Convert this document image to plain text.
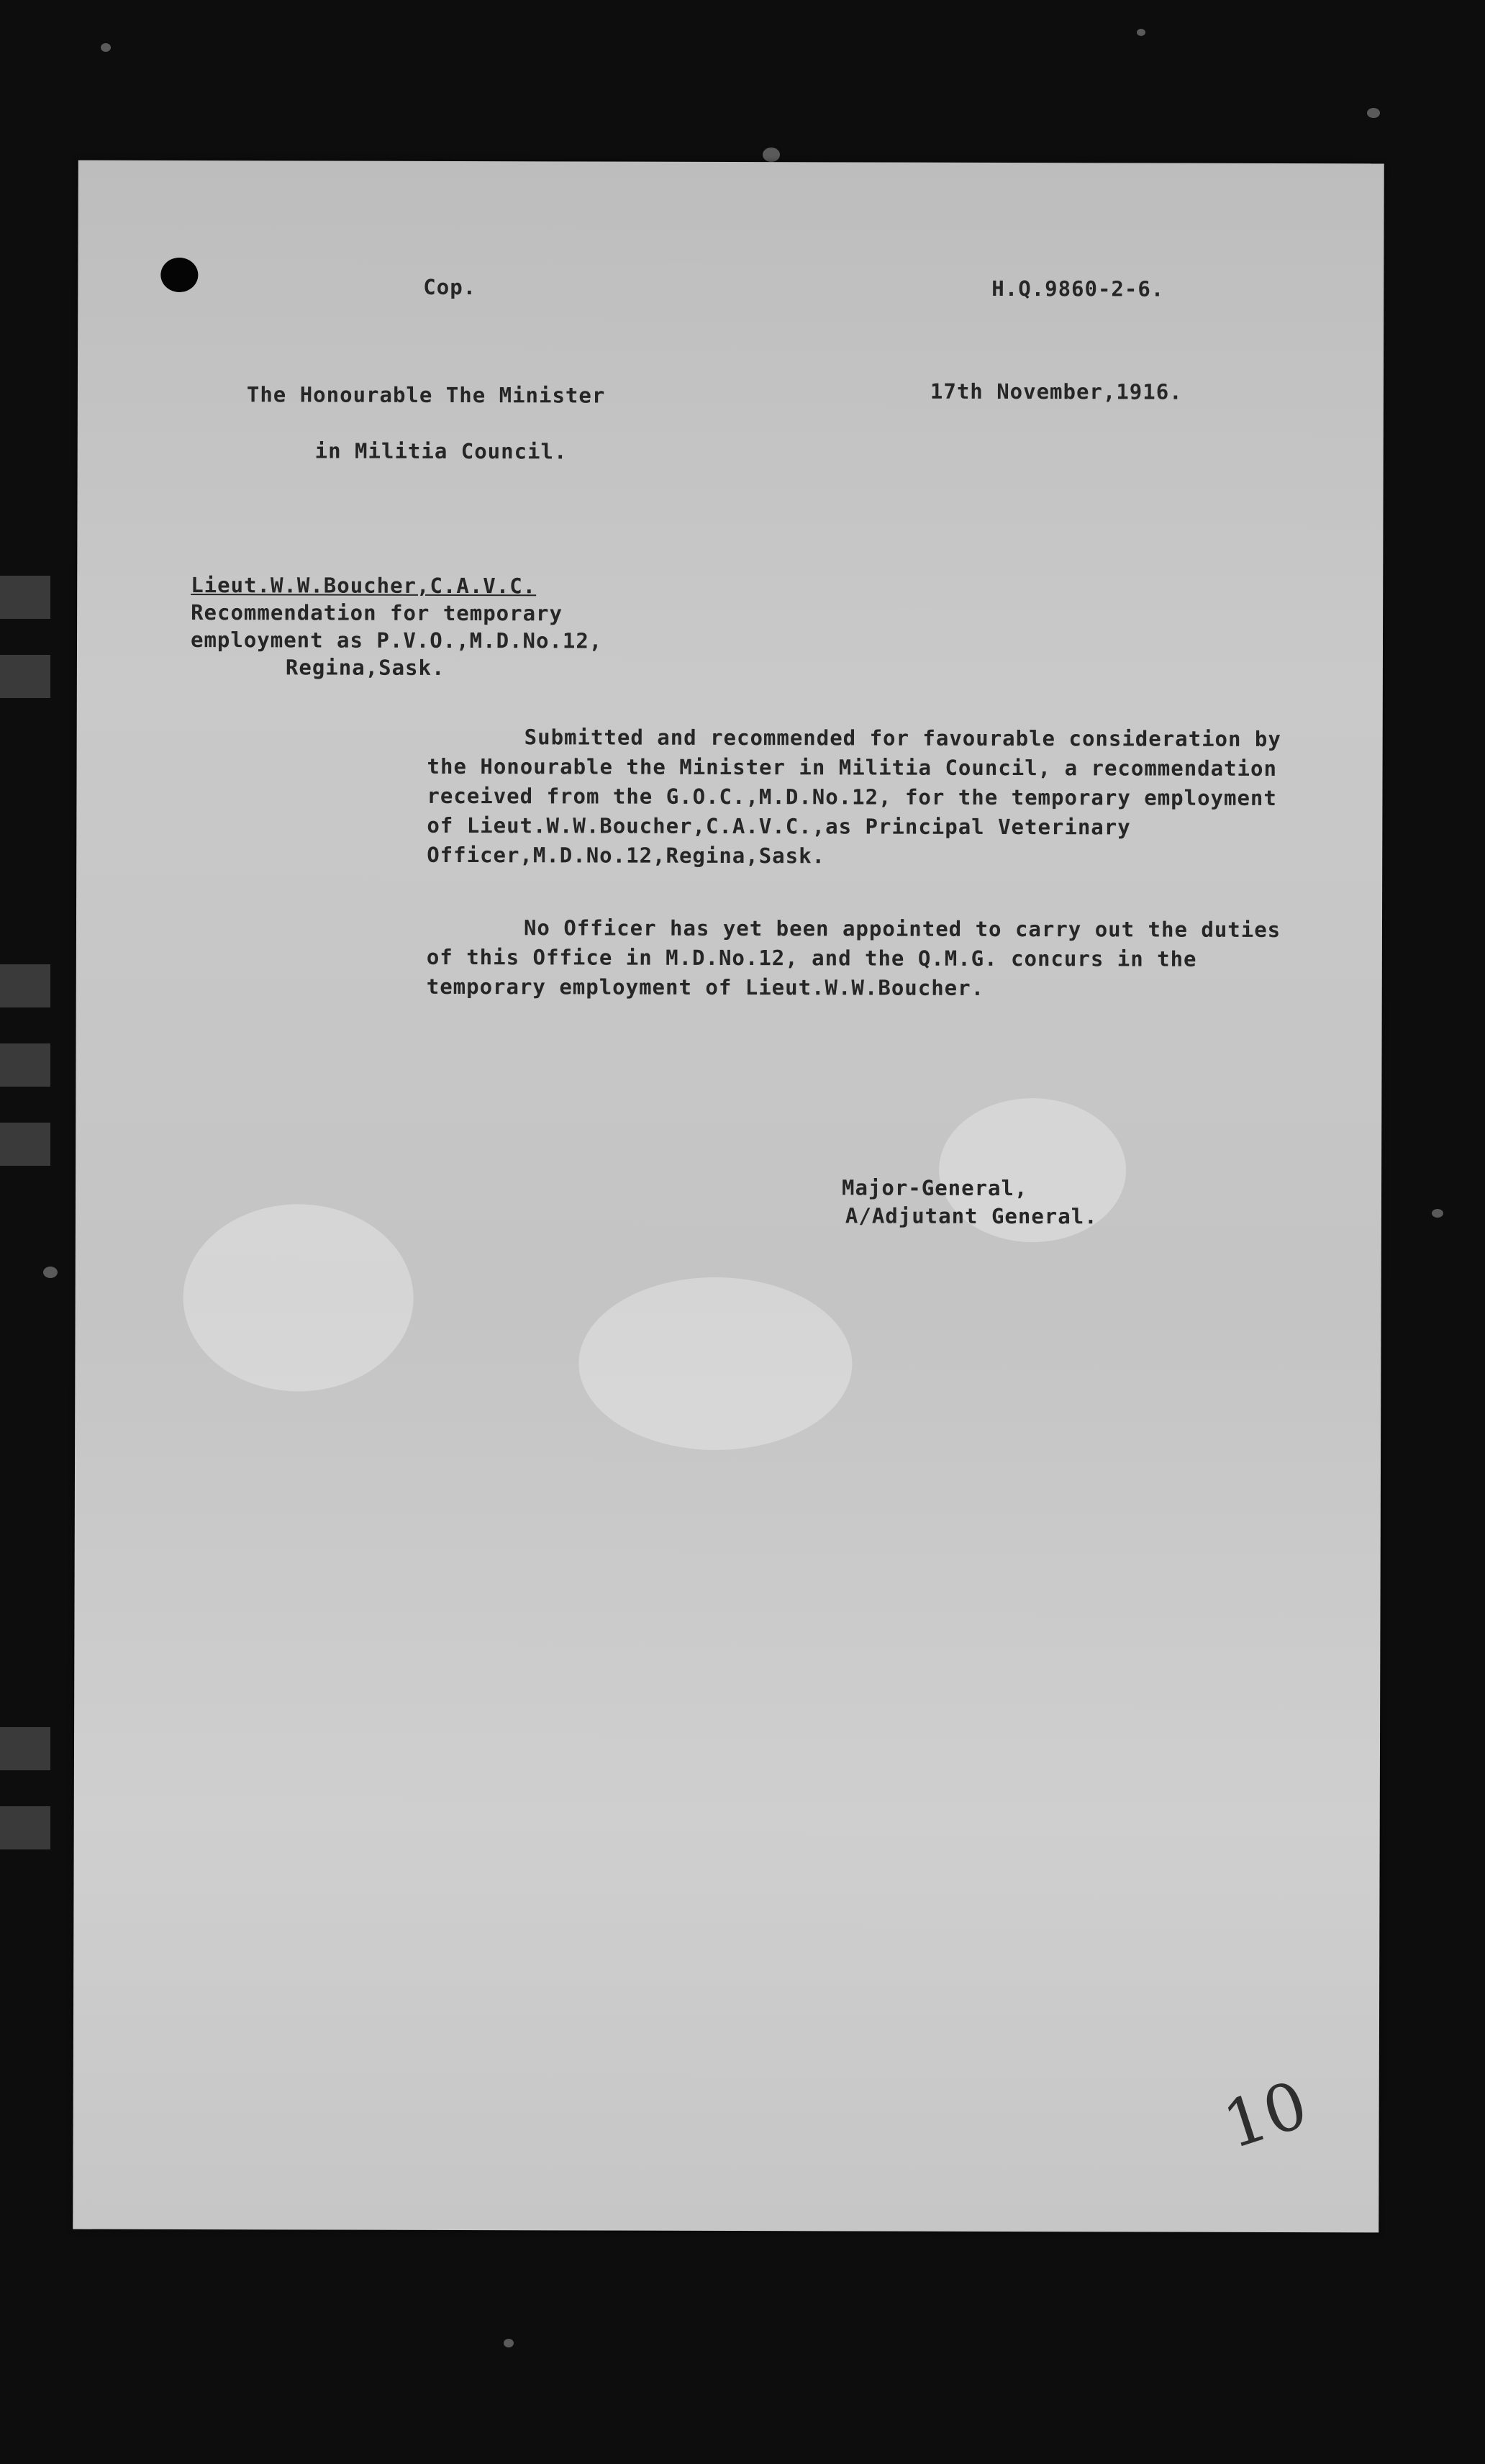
Cop.	H.Q.9860-2-6.
The Honourable The Minister	17th November,1916.
in Militia Council.
Lieut.W.W.Boucher,C.A.V.C.
Recommendation for temporary
employment as P.V.O.,M.D.No.12,
Regina,Sask.
Submitted and recommended for favourable consideration by the Honourable the Minister in Militia Council, a recommendation received from the G.O.C.,M.D.No.12, for the temporary employment of Lieut.W.W.Boucher,C.A.V.C.,as Principal Veterinary Officer,M.D.No.12,Regina,Sask.
No Officer has yet been appointed to carry out the duties of this Office in M.D.No.12, and the Q.M.G. concurs in the temporary employment of Lieut.W.W.Boucher.
Major-General,
A/Adjutant General.
10
